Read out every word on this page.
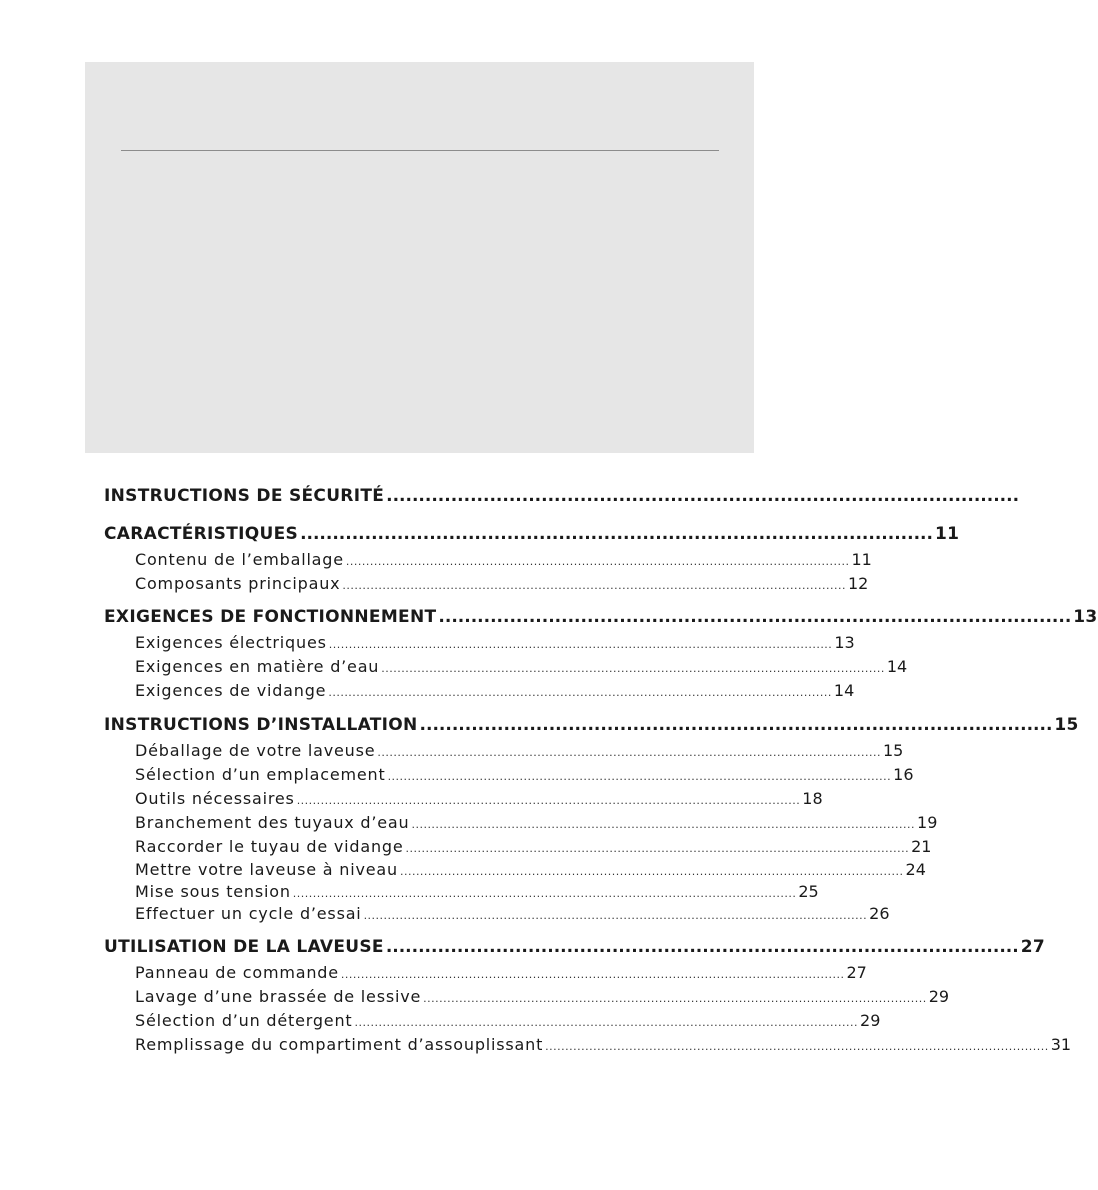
INSTRUCTIONS DE SÉCURITÉ ..................................................................................................
CARACTÉRISTIQUES .................................................................................................. 11
Contenu de l’emballage .............................................................................................................................. 11
Composants principaux .............................................................................................................................. 12
EXIGENCES DE FONCTIONNEMENT .................................................................................................. 13
Exigences électriques .............................................................................................................................. 13
Exigences en matière d’eau .............................................................................................................................. 14
Exigences de vidange .............................................................................................................................. 14
INSTRUCTIONS D’INSTALLATION .................................................................................................. 15
Déballage de votre laveuse .............................................................................................................................. 15
Sélection d’un emplacement .............................................................................................................................. 16
Outils nécessaires .............................................................................................................................. 18
Branchement des tuyaux d’eau .............................................................................................................................. 19
Raccorder le tuyau de vidange .............................................................................................................................. 21
Mettre votre laveuse à niveau .............................................................................................................................. 24
Mise sous tension .............................................................................................................................. 25
Effectuer un cycle d’essai .............................................................................................................................. 26
UTILISATION DE LA LAVEUSE .................................................................................................. 27
Panneau de commande .............................................................................................................................. 27
Lavage d’une brassée de lessive .............................................................................................................................. 29
Sélection d’un détergent .............................................................................................................................. 29
Remplissage du compartiment d’assouplissant .............................................................................................................................. 31
